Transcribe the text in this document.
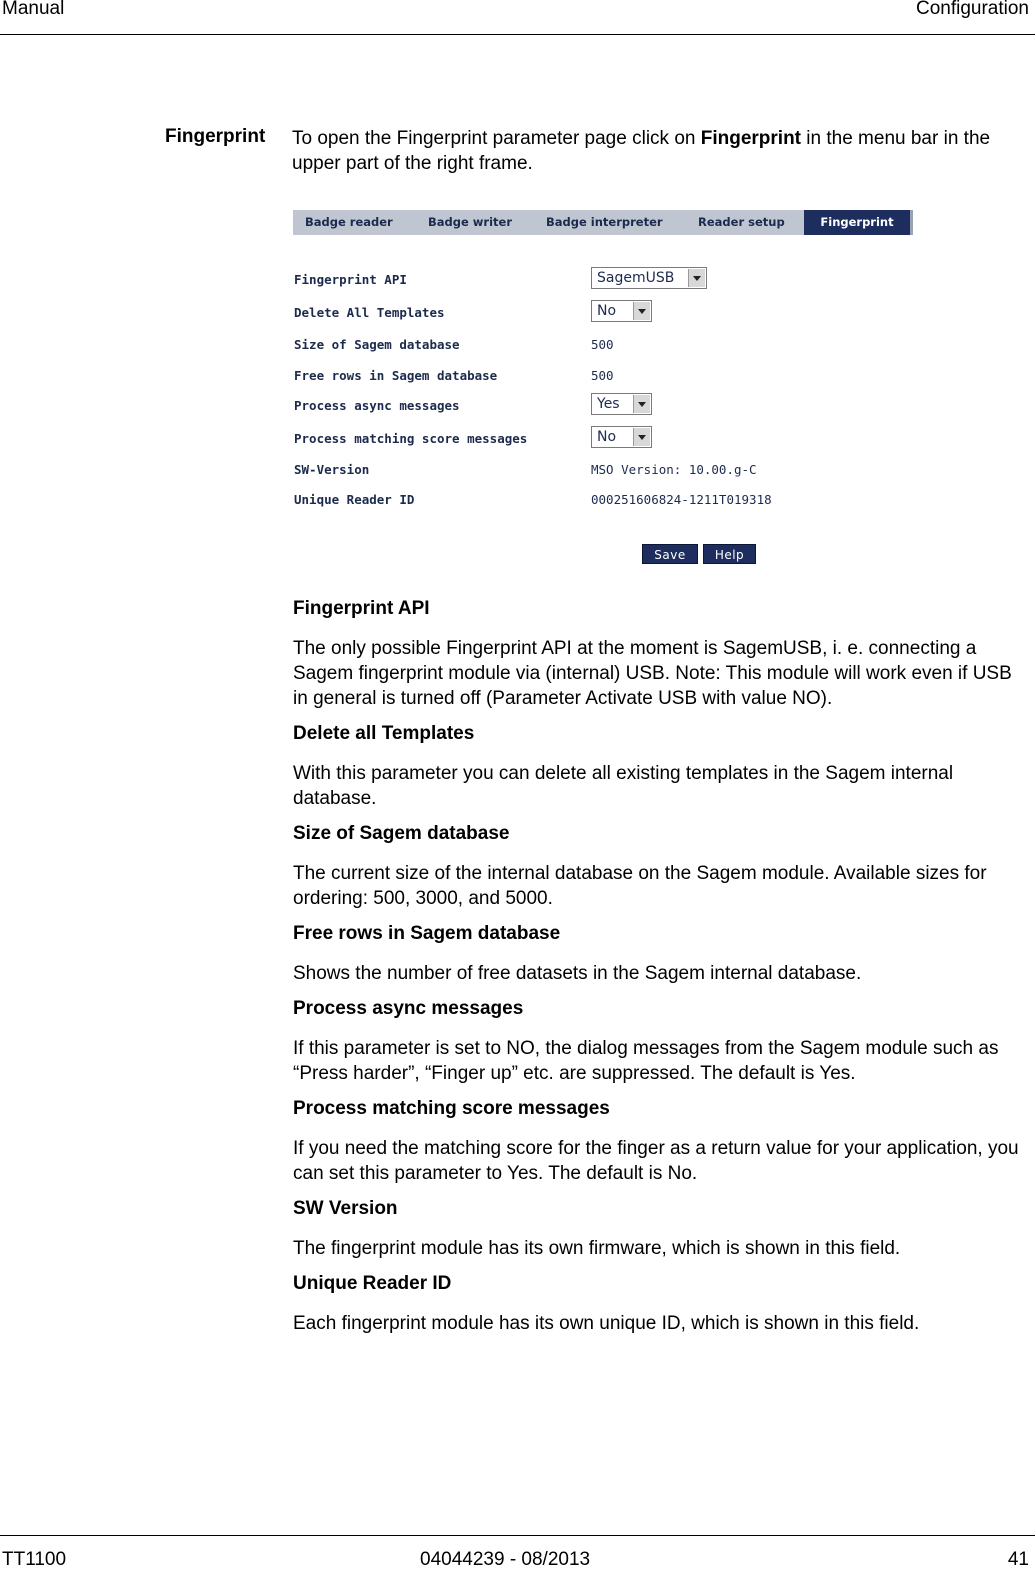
Manual	Configuration
Fingerprint To open the Fingerprint parameter page click on Fingerprint in the menu bar in the upper part of the right frame.
Badge reader	Badge writer	Badge interpreter	Reader setup	Fingerprint
Fingerprint API	SagemUSB
Delete All Templates	No
Size of Sagem database	500
Free rows in Sagem database	500
Process async messages	Yes
Process matching score messages	No
SW-Version	MSO Version: 10.00.g-C
Unique Reader ID	000251606824-1211T019318
Save	Help
Fingerprint API
The only possible Fingerprint API at the moment is SagemUSB, i. e. connecting a Sagem fingerprint module via (internal) USB. Note: This module will work even if USB in general is turned off (Parameter Activate USB with value NO).
Delete all Templates
With this parameter you can delete all existing templates in the Sagem internal database.
Size of Sagem database
The current size of the internal database on the Sagem module. Available sizes for ordering: 500, 3000, and 5000.
Free rows in Sagem database
Shows the number of free datasets in the Sagem internal database.
Process async messages
If this parameter is set to NO, the dialog messages from the Sagem module such as “Press harder”, “Finger up” etc. are suppressed. The default is Yes.
Process matching score messages
If you need the matching score for the finger as a return value for your application, you can set this parameter to Yes. The default is No.
SW Version
The fingerprint module has its own firmware, which is shown in this field.
Unique Reader ID
Each fingerprint module has its own unique ID, which is shown in this field.
TT1100	04044239 - 08/2013	41
